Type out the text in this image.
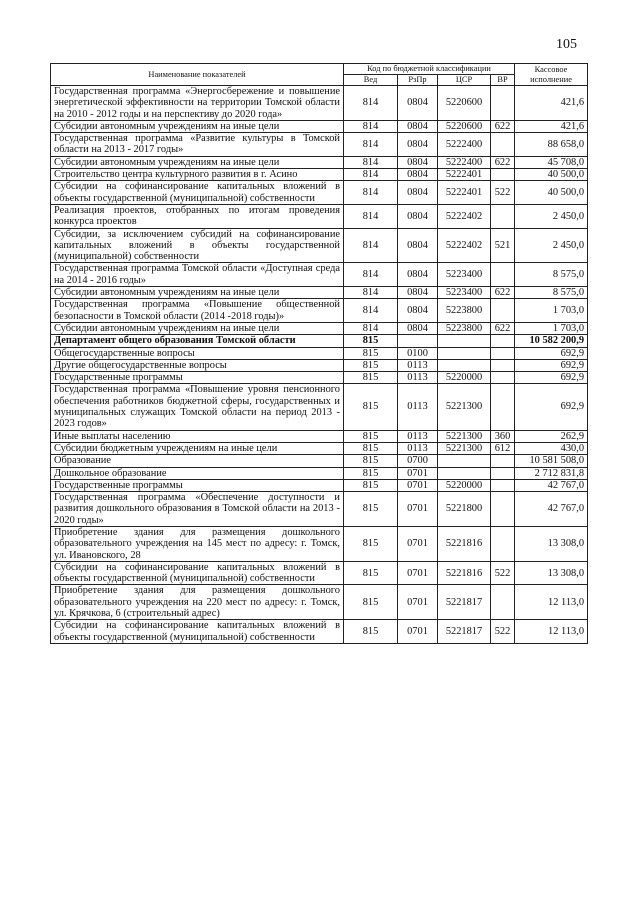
105
Наименование показателей	Код по бюджетной классификации				Кассовое исполнение
	Вед	РзПр	ЦСР	ВР	
Государственная программа «Энергосбережение и повышение энергетической эффективности на территории Томской области на 2010 - 2012 годы и на перспективу до 2020 года»	814	0804	5220600		421,6
Субсидии автономным учреждениям на иные цели	814	0804	5220600	622	421,6
Государственная программа «Развитие культуры в Томской области на 2013 - 2017 годы»	814	0804	5222400		88 658,0
Субсидии автономным учреждениям на иные цели	814	0804	5222400	622	45 708,0
Строительство центра культурного развития в г. Асино	814	0804	5222401		40 500,0
Субсидии на софинансирование капитальных вложений в объекты государственной (муниципальной) собственности	814	0804	5222401	522	40 500,0
Реализация проектов, отобранных по итогам проведения конкурса проектов	814	0804	5222402		2 450,0
Субсидии, за исключением субсидий на софинансирование капитальных вложений в объекты государственной (муниципальной) собственности	814	0804	5222402	521	2 450,0
Государственная программа Томской области «Доступная среда на 2014 - 2016 годы»	814	0804	5223400		8 575,0
Субсидии автономным учреждениям на иные цели	814	0804	5223400	622	8 575,0
Государственная программа «Повышение общественной безопасности в Томской области (2014 -2018 годы)»	814	0804	5223800		1 703,0
Субсидии автономным учреждениям на иные цели	814	0804	5223800	622	1 703,0
Департамент общего образования Томской области	815				10 582 200,9
Общегосударственные вопросы	815	0100			692,9
Другие общегосударственные вопросы	815	0113			692,9
Государственные программы	815	0113	5220000		692,9
Государственная программа «Повышение уровня пенсионного обеспечения работников бюджетной сферы, государственных и муниципальных служащих Томской области на период 2013 - 2023 годов»	815	0113	5221300		692,9
Иные выплаты населению	815	0113	5221300	360	262,9
Субсидии бюджетным учреждениям на иные цели	815	0113	5221300	612	430,0
Образование	815	0700			10 581 508,0
Дошкольное образование	815	0701			2 712 831,8
Государственные программы	815	0701	5220000		42 767,0
Государственная программа «Обеспечение доступности и развития дошкольного образования в Томской области на 2013 - 2020 годы»	815	0701	5221800		42 767,0
Приобретение здания для размещения дошкольного образовательного учреждения на 145 мест по адресу: г. Томск, ул. Ивановского, 28	815	0701	5221816		13 308,0
Субсидии на софинансирование капитальных вложений в объекты государственной (муниципальной) собственности	815	0701	5221816	522	13 308,0
Приобретение здания для размещения дошкольного образовательного учреждения на 220 мест по адресу: г. Томск, ул. Крячкова, 6 (строительный адрес)	815	0701	5221817		12 113,0
Субсидии на софинансирование капитальных вложений в объекты государственной (муниципальной) собственности	815	0701	5221817	522	12 113,0
